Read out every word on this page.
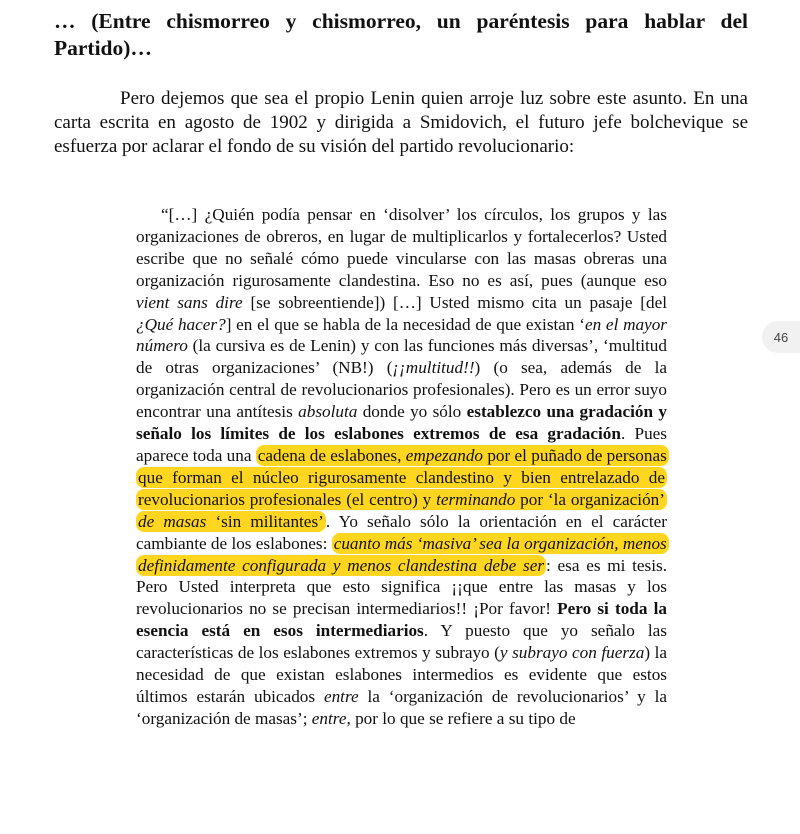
… (Entre chismorreo y chismorreo, un paréntesis para hablar del Partido)…

Pero dejemos que sea el propio Lenin quien arroje luz sobre este asunto. En una carta escrita en agosto de 1902 y dirigida a Smidovich, el futuro jefe bolchevique se esfuerza por aclarar el fondo de su visión del partido revolucionario:

46

“[…] ¿Quién podía pensar en ‘disolver’ los círculos, los grupos y las organizaciones de obreros, en lugar de multiplicarlos y fortalecerlos? Usted escribe que no señalé cómo puede vincularse con las masas obreras una organización rigurosamente clandestina. Eso no es así, pues (aunque eso vient sans dire [se sobreentiende]) […] Usted mismo cita un pasaje [del ¿Qué hacer?] en el que se habla de la necesidad de que existan ‘en el mayor número (la cursiva es de Lenin) y con las funciones más diversas’, ‘multitud de otras organizaciones’ (NB!) (¡¡multitud!!) (o sea, además de la organización central de revolucionarios profesionales). Pero es un error suyo encontrar una antítesis absoluta donde yo sólo establezco una gradación y señalo los límites de los eslabones extremos de esa gradación. Pues aparece toda una cadena de eslabones, empezando por el puñado de personas que forman el núcleo rigurosamente clandestino y bien entrelazado de revolucionarios profesionales (el centro) y terminando por ‘la organización’ de masas ‘sin militantes’ . Yo señalo sólo la orientación en el carácter cambiante de los eslabones: cuanto más ‘masiva’ sea la organización, menos definidamente configurada y menos clandestina debe ser : esa es mi tesis. Pero Usted interpreta que esto significa ¡¡que entre las masas y los revolucionarios no se precisan intermediarios!! ¡Por favor! Pero si toda la esencia está en esos intermediarios. Y puesto que yo señalo las características de los eslabones extremos y subrayo (y subrayo con fuerza) la necesidad de que existan eslabones intermedios es evidente que estos últimos estarán ubicados entre la ‘organización de revolucionarios’ y la ‘organización de masas’; entre, por lo que se refiere a su tipo de
